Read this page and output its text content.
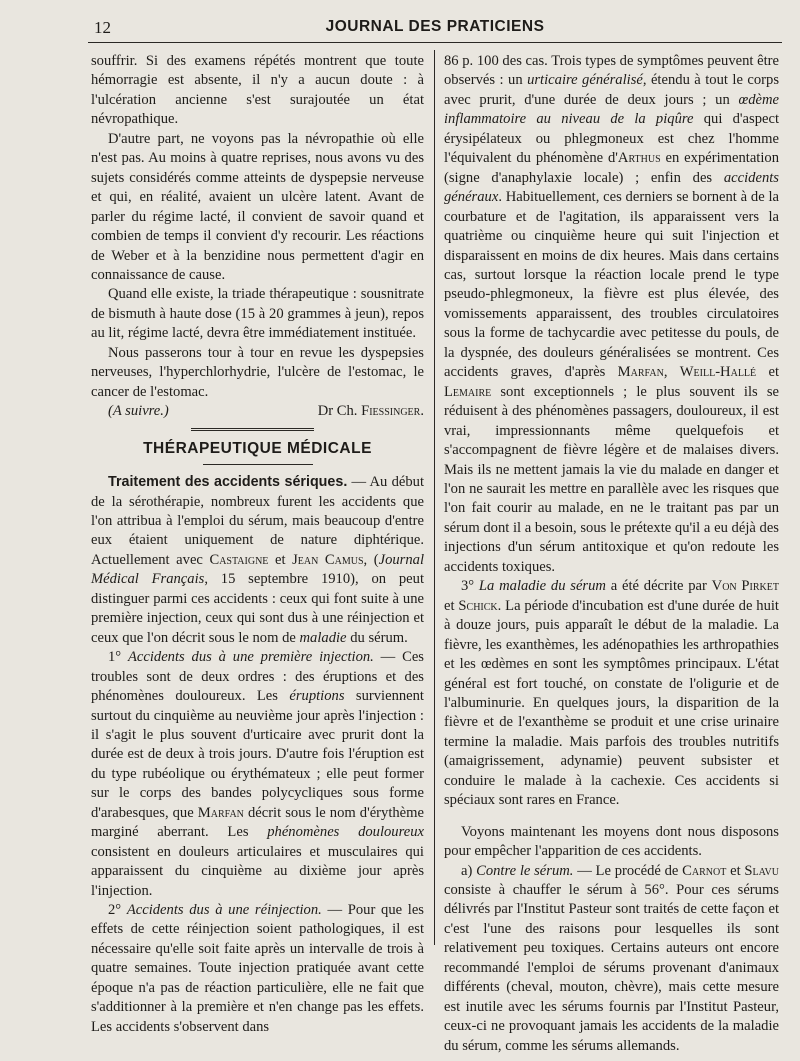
12	JOURNAL DES PRATICIENS

souffrir. Si des examens répétés montrent que toute hémorragie est absente, il n'y a aucun doute : à l'ulcération ancienne s'est surajoutée un état névropathique.

D'autre part, ne voyons pas la névropathie où elle n'est pas. Au moins à quatre reprises, nous avons vu des sujets considérés comme atteints de dyspepsie nerveuse et qui, en réalité, avaient un ulcère latent. Avant de parler du régime lacté, il convient de savoir quand et combien de temps il convient d'y recourir. Les réactions de Weber et à la benzidine nous permettent d'agir en connaissance de cause.

Quand elle existe, la triade thérapeutique : sousnitrate de bismuth à haute dose (15 à 20 grammes à jeun), repos au lit, régime lacté, devra être immédiatement instituée.

Nous passerons tour à tour en revue les dyspepsies nerveuses, l'hyperchlorhydrie, l'ulcère de l'estomac, le cancer de l'estomac.

(A suivre.)	Dr Ch. Fiessinger.
THÉRAPEUTIQUE MÉDICALE

Traitement des accidents sériques. — Au début de la sérothérapie, nombreux furent les accidents que l'on attribua à l'emploi du sérum, mais beaucoup d'entre eux étaient uniquement de nature diphtérique. Actuellement avec Castaigne et Jean Camus, (Journal Médical Français, 15 septembre 1910), on peut distinguer parmi ces accidents : ceux qui font suite à une première injection, ceux qui sont dus à une réinjection et ceux que l'on décrit sous le nom de maladie du sérum.

1° Accidents dus à une première injection. — Ces troubles sont de deux ordres : des éruptions et des phénomènes douloureux. Les éruptions surviennent surtout du cinquième au neuvième jour après l'injection : il s'agit le plus souvent d'urticaire avec prurit dont la durée est de deux à trois jours. D'autre fois l'éruption est du type rubéolique ou érythémateux ; elle peut former sur le corps des bandes polycycliques sous forme d'arabesques, que Marfan décrit sous le nom d'érythème marginé aberrant. Les phénomènes douloureux consistent en douleurs articulaires et musculaires qui apparaissent du cinquième au dixième jour après l'injection.

2° Accidents dus à une réinjection. — Pour que les effets de cette réinjection soient pathologiques, il est nécessaire qu'elle soit faite après un intervalle de trois à quatre semaines. Toute injection pratiquée avant cette époque n'a pas de réaction particulière, elle ne fait que s'additionner à la première et n'en change pas les effets. Les accidents s'observent dans

86 p. 100 des cas. Trois types de symptômes peuvent être observés : un urticaire généralisé, étendu à tout le corps avec prurit, d'une durée de deux jours ; un œdème inflammatoire au niveau de la piqûre qui d'aspect érysipélateux ou phlegmoneux est chez l'homme l'équivalent du phénomène d'Arthus en expérimentation (signe d'anaphylaxie locale) ; enfin des accidents généraux. Habituellement, ces derniers se bornent à de la courbature et de l'agitation, ils apparaissent vers la quatrième ou cinquième heure qui suit l'injection et disparaissent en moins de dix heures. Mais dans certains cas, surtout lorsque la réaction locale prend le type pseudo-phlegmoneux, la fièvre est plus élevée, des vomissements apparaissent, des troubles circulatoires sous la forme de tachycardie avec petitesse du pouls, de la dyspnée, des douleurs généralisées se montrent. Ces accidents graves, d'après Marfan, Weill-Hallé et Lemaire sont exceptionnels ; le plus souvent ils se réduisent à des phénomènes passagers, douloureux, il est vrai, impressionnants même quelquefois et s'accompagnent de fièvre légère et de malaises divers. Mais ils ne mettent jamais la vie du malade en danger et l'on ne saurait les mettre en parallèle avec les risques que l'on fait courir au malade, en ne le traitant pas par un sérum dont il a besoin, sous le prétexte qu'il a eu déjà des injections d'un sérum antitoxique et qu'on redoute les accidents toxiques.

3° La maladie du sérum a été décrite par Von Pirket et Schick. La période d'incubation est d'une durée de huit à douze jours, puis apparaît le début de la maladie. La fièvre, les exanthèmes, les adénopathies les arthropathies et les œdèmes en sont les symptômes principaux. L'état général est fort touché, on constate de l'oligurie et de l'albuminurie. En quelques jours, la disparition de la fièvre et de l'exanthème se produit et une crise urinaire termine la maladie. Mais parfois des troubles nutritifs (amaigrissement, adynamie) peuvent subsister et conduire le malade à la cachexie. Ces accidents si spéciaux sont rares en France.

Voyons maintenant les moyens dont nous disposons pour empêcher l'apparition de ces accidents.

a) Contre le sérum. — Le procédé de Carnot et Slavu consiste à chauffer le sérum à 56°. Pour ces sérums délivrés par l'Institut Pasteur sont traités de cette façon et c'est l'une des raisons pour lesquelles ils sont relativement peu toxiques. Certains auteurs ont encore recommandé l'emploi de sérums provenant d'animaux différents (cheval, mouton, chèvre), mais cette mesure est inutile avec les sérums fournis par l'Institut Pasteur, ceux-ci ne provoquant jamais les accidents de la maladie du sérum, comme les sérums allemands.
